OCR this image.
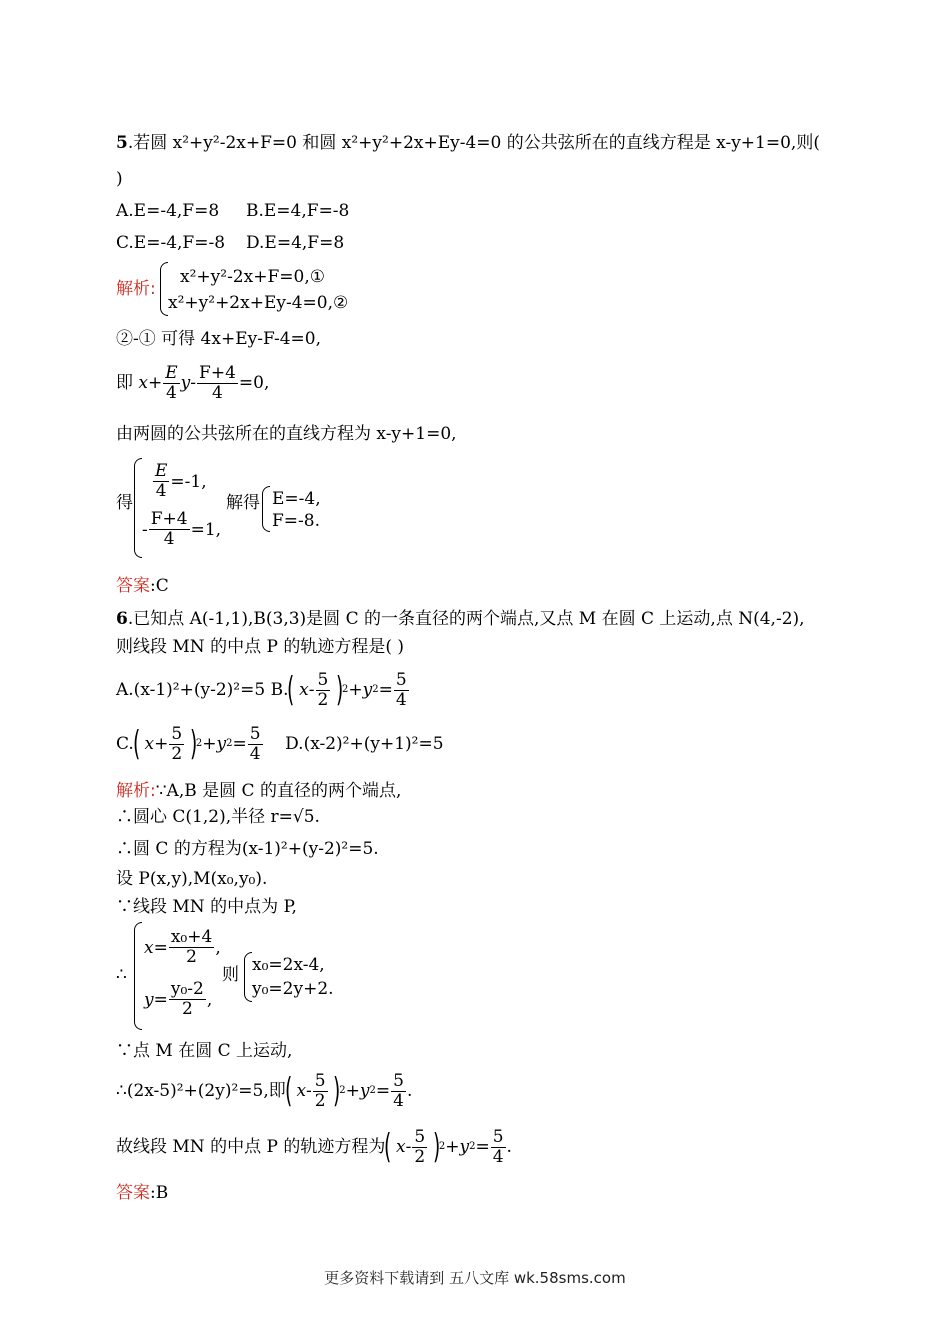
5.若圆 x²+y²-2x+F=0 和圆 x²+y²+2x+Ey-4=0 的公共弦所在的直线方程是 x-y+1=0,则(
)
A.E=-4,F=8 B.E=4,F=-8
C.E=-4,F=-8 D.E=4,F=8
解析:
x²+y²-2x+F=0,①
x²+y²+2x+Ey-4=0,②
②-① 可得 4x+Ey-F-4=0,
即
$x + \frac{E}{4}$ $y - \frac{F+4}{4} =0$,
由两圆的公共弦所在的直线方程为 x-y+1=0,
得
$\frac{E}{4} =-1$,
- $\frac{F+4}{4} =1$,
解得 E=-4,
F=-8.
答案:C
6.已知点 A(-1,1),B(3,3)是圆 C 的一条直径的两个端点,又点 M 在圆 C 上运动,点 N(4,-2),
则线段 MN 的中点 P 的轨迹方程是( )
A.(x-1)²+(y-2)²=5
B.
(
x - $\frac{5}{2}$
)
2 + y $2 = \frac{5}{4}$
C.
(
$x + \frac{5}{2}$
)
2 + y $2 = \frac{5}{4}$
D.(x-2)²+(y+1)²=5
解析:∵A,B 是圆 C 的直径的两个端点,
∴圆心 C(1,2),半径 r=√5.
∴圆 C 的方程为(x-1)²+(y-2)²=5.
设 P(x,y),M(x₀,y₀).
∵线段 MN 的中点为 P,
∴
$x = \frac{\text{x₀+4}}{2}$ ,
$y = \frac{\text{y₀-2}}{2}$ ,
则 x₀=2x-4,
y₀=2y+2.
∵点 M 在圆 C 上运动,
∴(2x-5)²+(2y)²=5,即
(
x - $\frac{5}{2}$
)
2 + y $2 = \frac{5}{4}$ .
故线段 MN 的中点 P 的轨迹方程为
(
x - $\frac{5}{2}$
)
2 + y $2 = \frac{5}{4}$ .
答案:B
更多资料下载请到 五八文库 wk.58sms.com
